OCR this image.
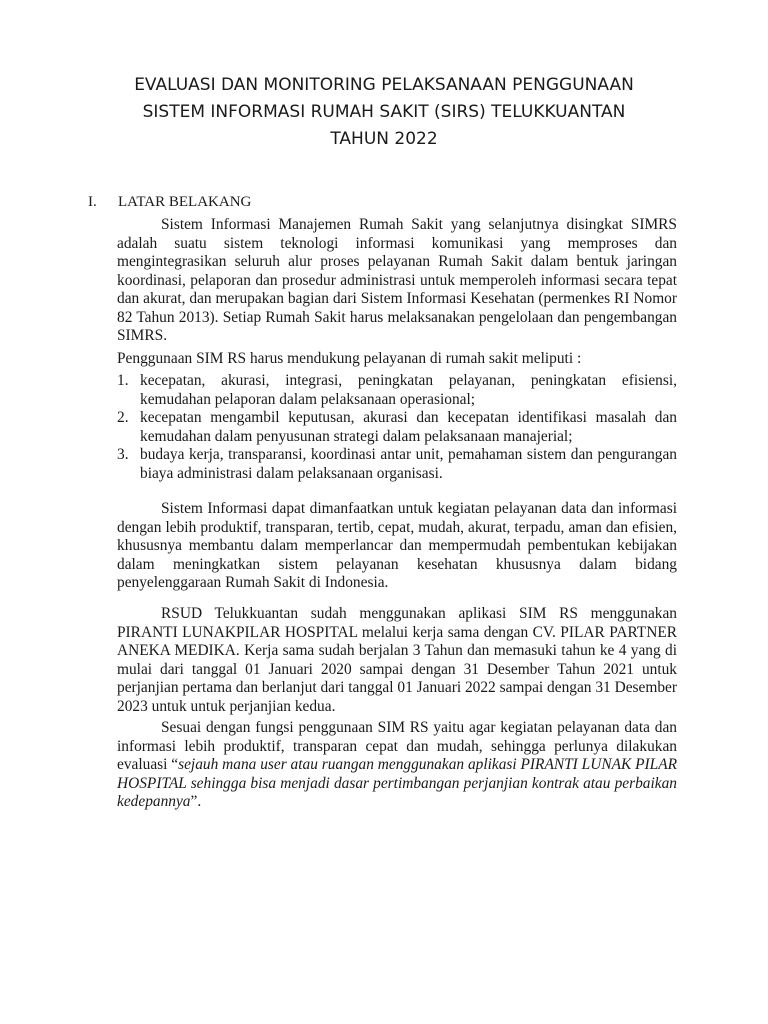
EVALUASI DAN MONITORING PELAKSANAAN PENGGUNAAN
SISTEM INFORMASI RUMAH SAKIT (SIRS) TELUKKUANTAN
TAHUN 2022
I. LATAR BELAKANG

Sistem Informasi Manajemen Rumah Sakit yang selanjutnya disingkat SIMRS adalah suatu sistem teknologi informasi komunikasi yang memproses dan mengintegrasikan seluruh alur proses pelayanan Rumah Sakit dalam bentuk jaringan koordinasi, pelaporan dan prosedur administrasi untuk memperoleh informasi secara tepat dan akurat, dan merupakan bagian dari Sistem Informasi Kesehatan (permenkes RI Nomor 82 Tahun 2013). Setiap Rumah Sakit harus melaksanakan pengelolaan dan pengembangan SIMRS.

Penggunaan SIM RS harus mendukung pelayanan di rumah sakit meliputi :

1. kecepatan, akurasi, integrasi, peningkatan pelayanan, peningkatan efisiensi, kemudahan pelaporan dalam pelaksanaan operasional;
2. kecepatan mengambil keputusan, akurasi dan kecepatan identifikasi masalah dan kemudahan dalam penyusunan strategi dalam pelaksanaan manajerial;
3. budaya kerja, transparansi, koordinasi antar unit, pemahaman sistem dan pengurangan biaya administrasi dalam pelaksanaan organisasi.

Sistem Informasi dapat dimanfaatkan untuk kegiatan pelayanan data dan informasi dengan lebih produktif, transparan, tertib, cepat, mudah, akurat, terpadu, aman dan efisien, khususnya membantu dalam memperlancar dan mempermudah pembentukan kebijakan dalam meningkatkan sistem pelayanan kesehatan khususnya dalam bidang penyelenggaraan Rumah Sakit di Indonesia.

RSUD Telukkuantan sudah menggunakan aplikasi SIM RS menggunakan PIRANTI LUNAKPILAR HOSPITAL melalui kerja sama dengan CV. PILAR PARTNER ANEKA MEDIKA. Kerja sama sudah berjalan 3 Tahun dan memasuki tahun ke 4 yang di mulai dari tanggal 01 Januari 2020 sampai dengan 31 Desember Tahun 2021 untuk perjanjian pertama dan berlanjut dari tanggal 01 Januari 2022 sampai dengan 31 Desember 2023 untuk untuk perjanjian kedua.

Sesuai dengan fungsi penggunaan SIM RS yaitu agar kegiatan pelayanan data dan informasi lebih produktif, transparan cepat dan mudah, sehingga perlunya dilakukan evaluasi “sejauh mana user atau ruangan menggunakan aplikasi PIRANTI LUNAK PILAR HOSPITAL sehingga bisa menjadi dasar pertimbangan perjanjian kontrak atau perbaikan kedepannya”.
